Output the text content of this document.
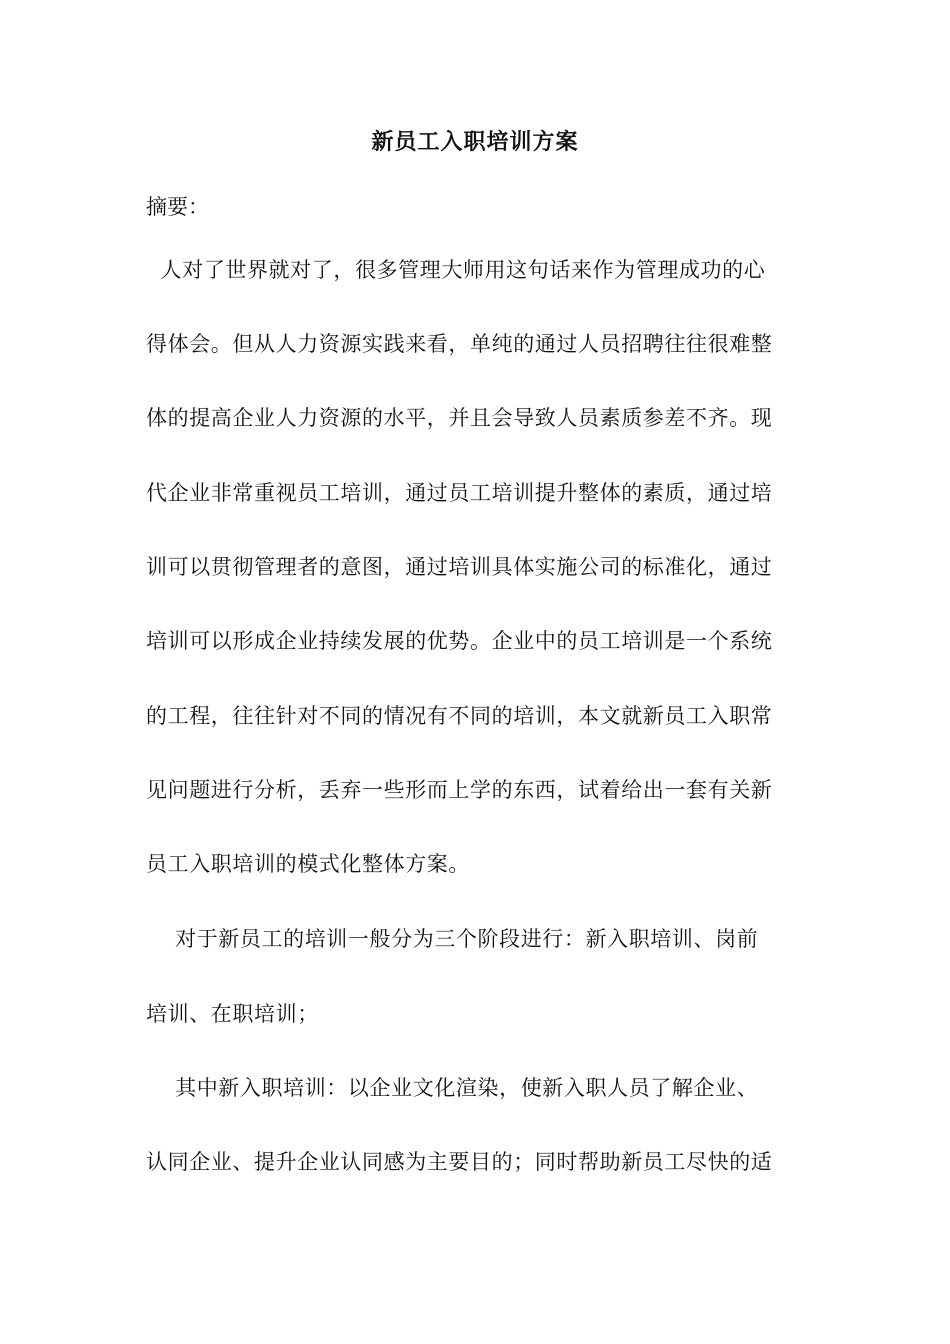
新员工入职培训方案
摘要：
人对了世界就对了，很多管理大师用这句话来作为管理成功的心
得体会。但从人力资源实践来看，单纯的通过人员招聘往往很难整
体的提高企业人力资源的水平，并且会导致人员素质参差不齐。现
代企业非常重视员工培训，通过员工培训提升整体的素质，通过培
训可以贯彻管理者的意图，通过培训具体实施公司的标准化，通过
培训可以形成企业持续发展的优势。企业中的员工培训是一个系统
的工程，往往针对不同的情况有不同的培训，本文就新员工入职常
见问题进行分析，丢弃一些形而上学的东西，试着给出一套有关新
员工入职培训的模式化整体方案。
对于新员工的培训一般分为三个阶段进行：新入职培训、岗前
培训、在职培训；
其中新入职培训：以企业文化渲染，使新入职人员了解企业、
认同企业、提升企业认同感为主要目的；同时帮助新员工尽快的适
